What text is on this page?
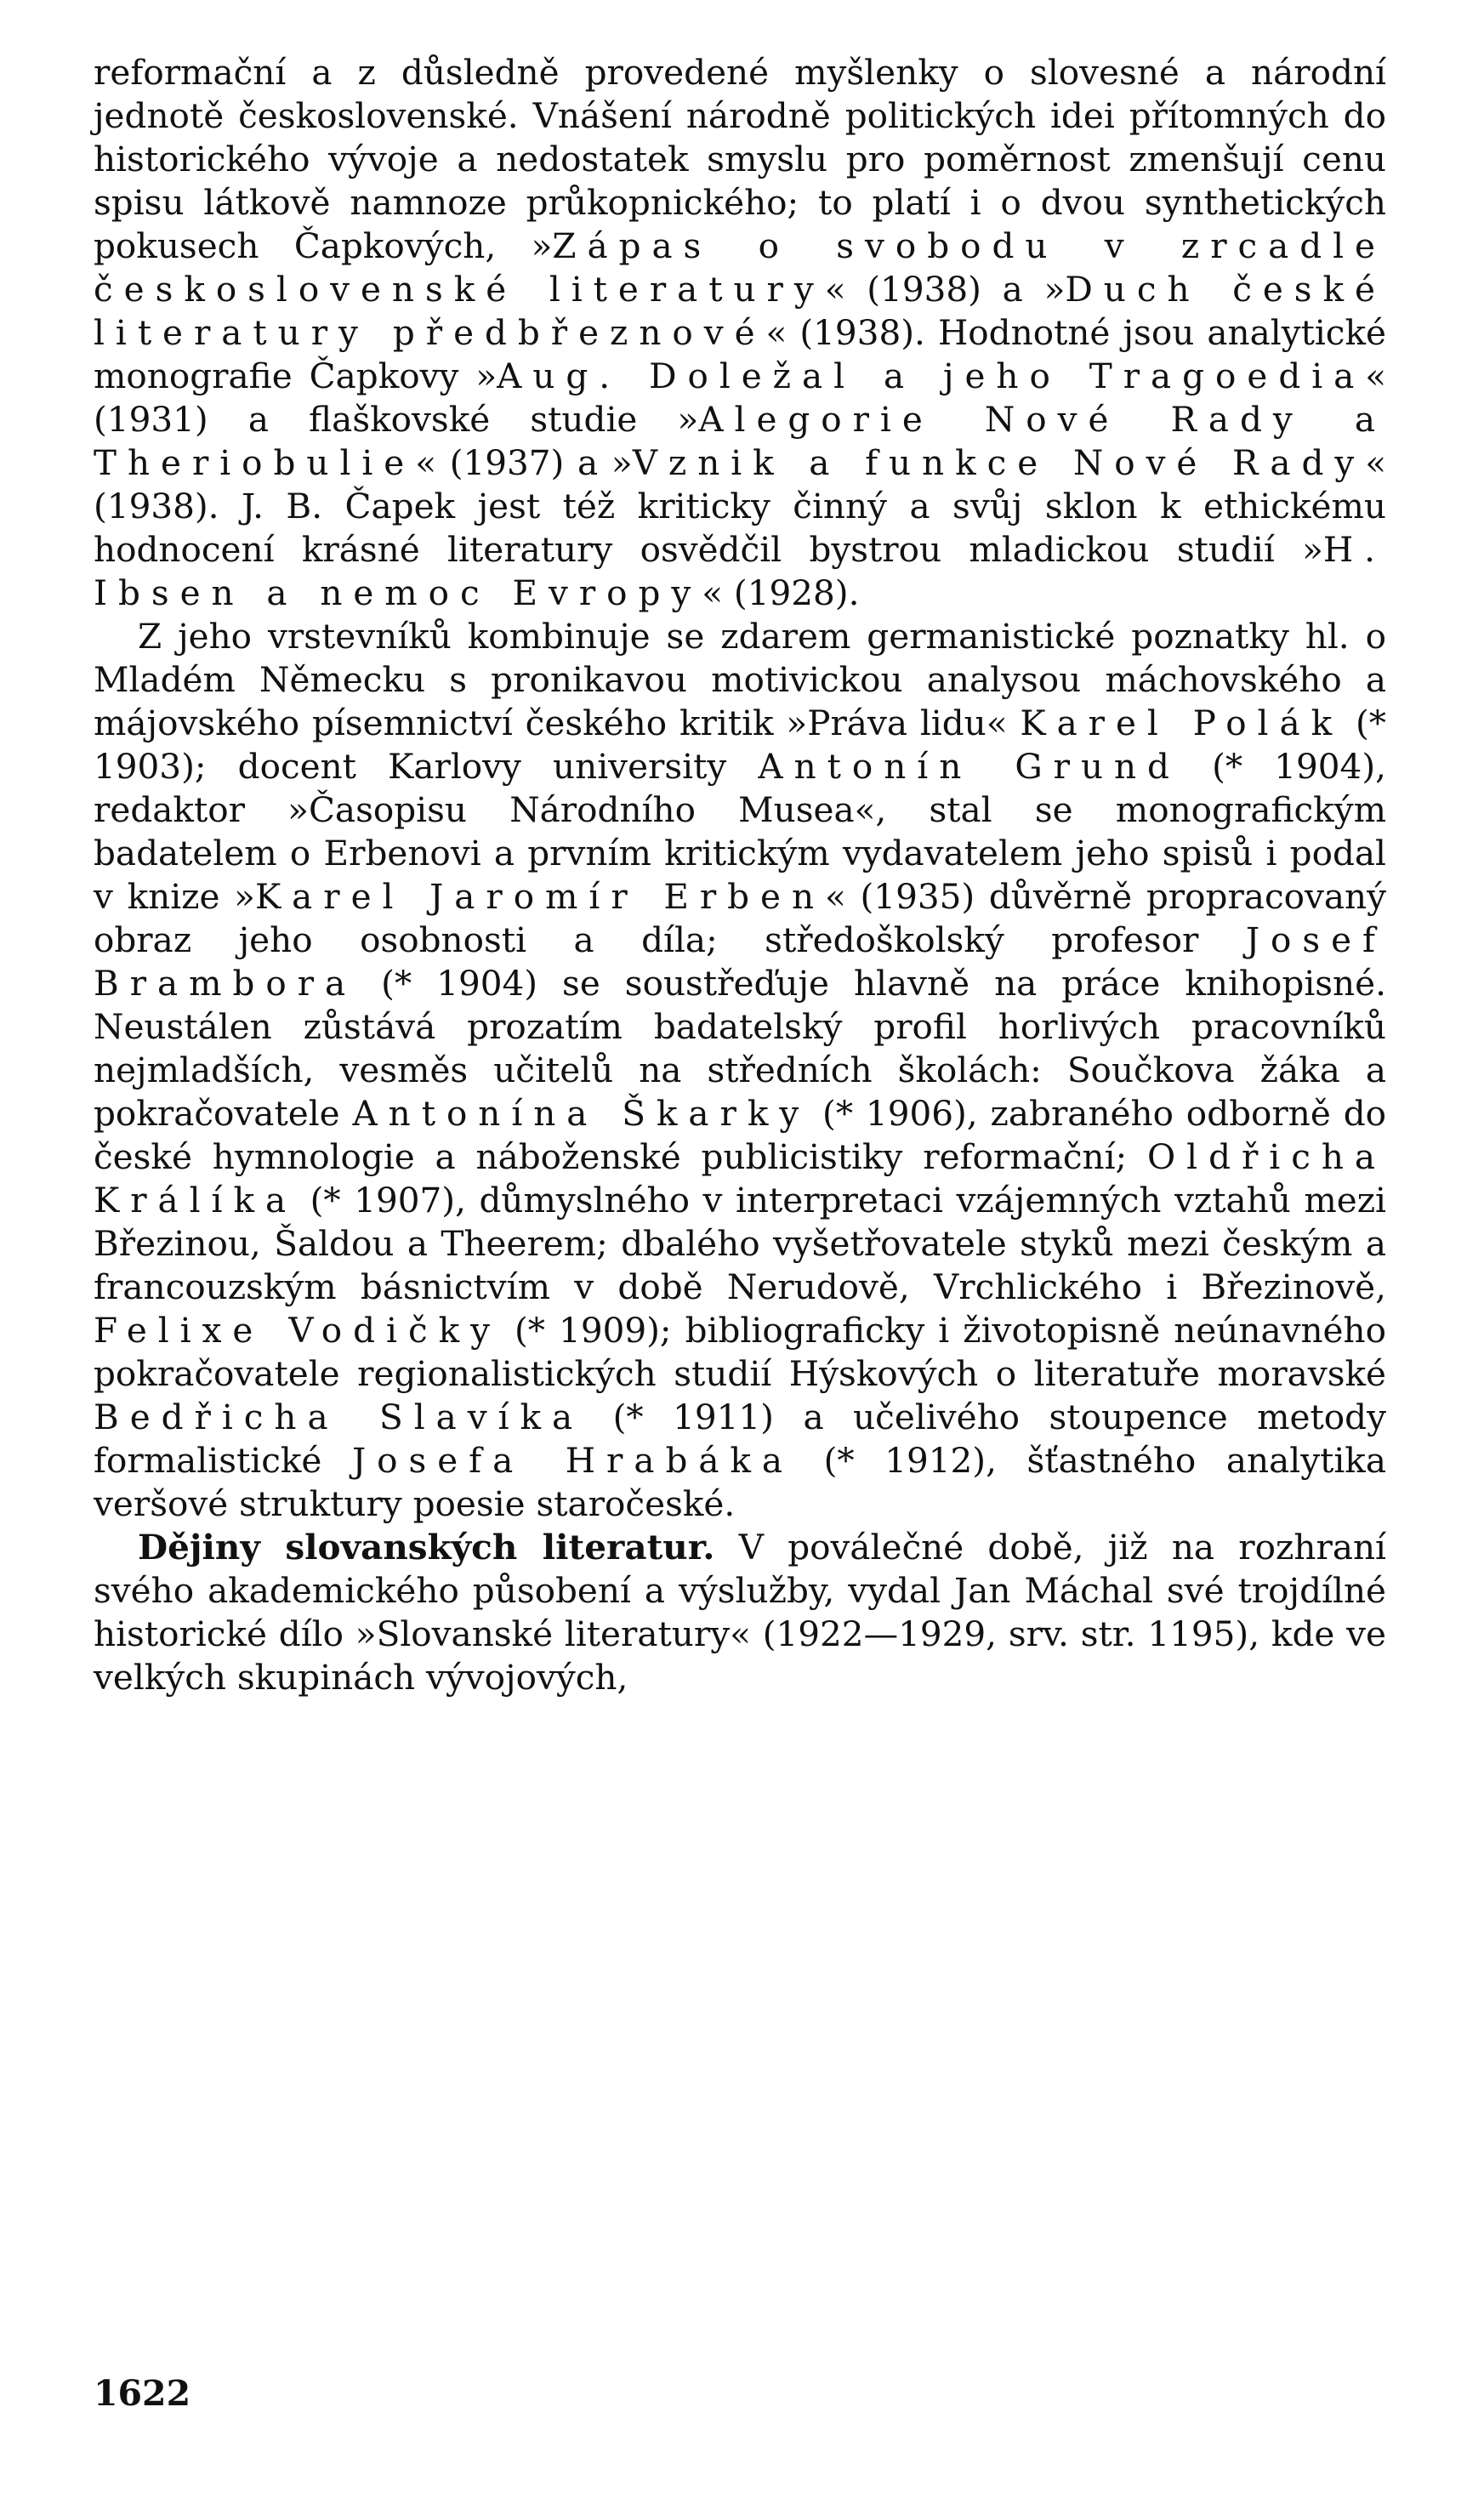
reformační a z důsledně provedené myšlenky o slovesné a národní jednotě československé. Vnášení národně politických idei přítomných do historického vývoje a nedostatek smyslu pro poměrnost zmenšují cenu spisu látkově namnoze průkopnického; to platí i o dvou synthetických pokusech Čapkových, »Zápas o svobodu v zrcadle československé literatury« (1938) a »Duch české literatury předbřeznové« (1938). Hodnotné jsou analytické monografie Čapkovy »Aug. Doležal a jeho Tragoedia« (1931) a flaškovské studie »Alegorie Nové Rady a Theriobulie« (1937) a »Vznik a funkce Nové Rady« (1938). J. B. Čapek jest též kriticky činný a svůj sklon k ethickému hodnocení krásné literatury osvědčil bystrou mladickou studií »H. Ibsen a nemoc Evropy« (1928).

Z jeho vrstevníků kombinuje se zdarem germanistické poznatky hl. o Mladém Německu s pronikavou motivickou analysou máchovského a májovského písemnictví českého kritik »Práva lidu« Karel Polák (* 1903); docent Karlovy university Antonín Grund (* 1904), redaktor »Časopisu Národního Musea«, stal se monografickým badatelem o Erbenovi a prvním kritickým vydavatelem jeho spisů i podal v knize »Karel Jaromír Erben« (1935) důvěrně propracovaný obraz jeho osobnosti a díla; středoškolský profesor Josef Brambora (* 1904) se soustřeďuje hlavně na práce knihopisné. Neustálen zůstává prozatím badatelský profil horlivých pracovníků nejmladších, vesměs učitelů na středních školách: Součkova žáka a pokračovatele Antonína Škarky (* 1906), zabraného odborně do české hymnologie a náboženské publicistiky reformační; Oldřicha Králíka (* 1907), důmyslného v interpretaci vzájemných vztahů mezi Březinou, Šaldou a Theerem; dbalého vyšetřovatele styků mezi českým a francouzským básnictvím v době Nerudově, Vrchlického i Březinově, Felixe Vodičky (* 1909); bibliograficky i životopisně neúnavného pokračovatele regionalistických studií Hýskových o literatuře moravské Bedřicha Slavíka (* 1911) a učelivého stoupence metody formalistické Josefa Hrabáka (* 1912), šťastného analytika veršové struktury poesie staročeské.

Dějiny slovanských literatur. V poválečné době, již na rozhraní svého akademického působení a výslužby, vydal Jan Máchal své trojdílné historické dílo »Slovanské literatury« (1922—1929, srv. str. 1195), kde ve velkých skupinách vývojových,

1622
